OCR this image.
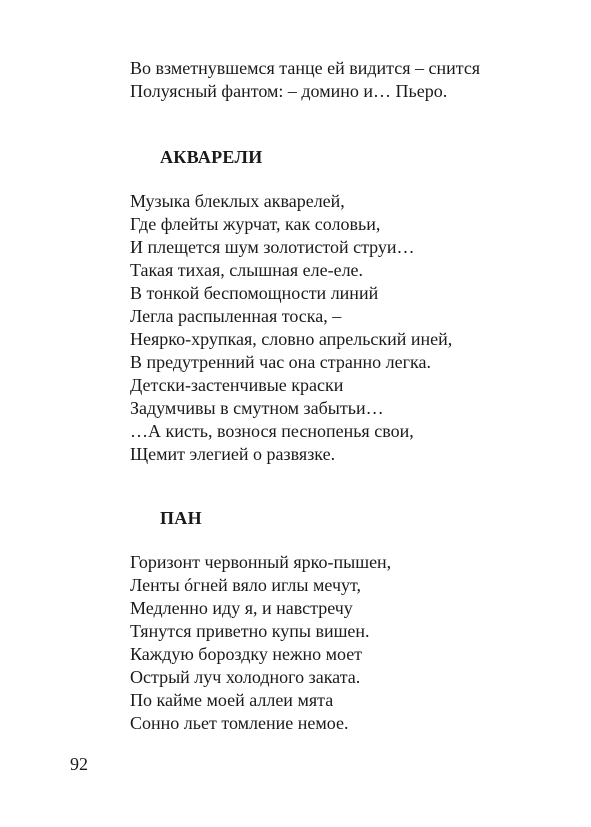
Во взметнувшемся танце ей видится – снится
Полуясный фантом: – домино и… Пьеро.
АКВАРЕЛИ
Музыка блеклых акварелей,
Где флейты журчат, как соловьи,
И плещется шум золотистой струи…
Такая тихая, слышная еле-еле.
В тонкой беспомощности линий
Легла распыленная тоска, –
Неярко-хрупкая, словно апрельский иней,
В предутренний час она странно легка.
Детски-застенчивые краски
Задумчивы в смутном забытьи…
…А кисть, вознося песнопенья свои,
Щемит элегией о развязке.
ПАН
Горизонт червонный ярко-пышен,
Ленты óгней вяло иглы мечут,
Медленно иду я, и навстречу
Тянутся приветно купы вишен.
Каждую бороздку нежно моет
Острый луч холодного заката.
По кайме моей аллеи мята
Сонно льет томление немое.
92
